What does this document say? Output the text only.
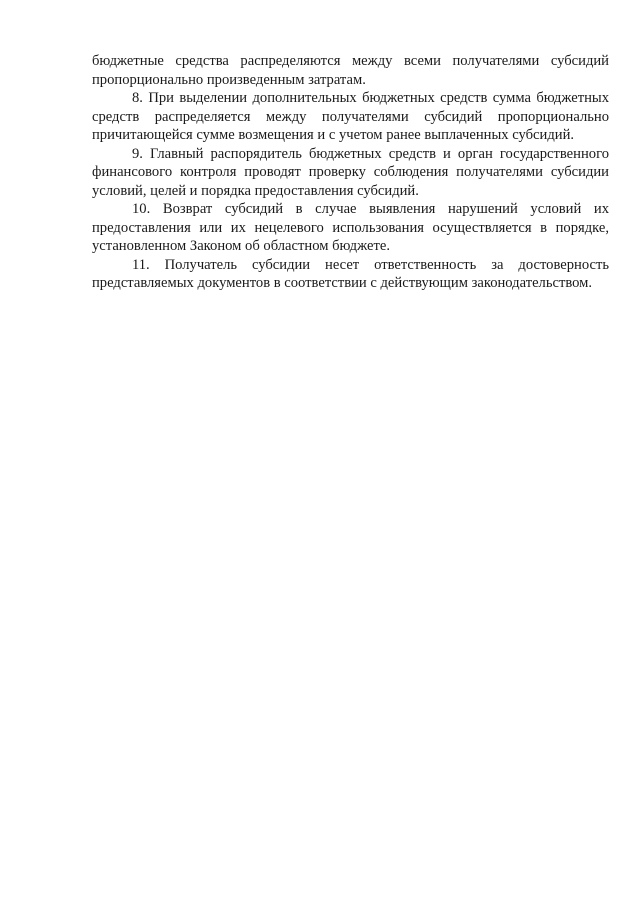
бюджетные средства распределяются между всеми получателями субсидий пропорционально произведенным затратам.

8. При выделении дополнительных бюджетных средств сумма бюджетных средств распределяется между получателями субсидий пропорционально причитающейся сумме возмещения и с учетом ранее выплаченных субсидий.

9. Главный распорядитель бюджетных средств и орган государственного финансового контроля проводят проверку соблюдения получателями субсидии условий, целей и порядка предоставления субсидий.

10. Возврат субсидий в случае выявления нарушений условий их предоставления или их нецелевого использования осуществляется в порядке, установленном Законом об областном бюджете.

11. Получатель субсидии несет ответственность за достоверность представляемых документов в соответствии с действующим законодательством.
